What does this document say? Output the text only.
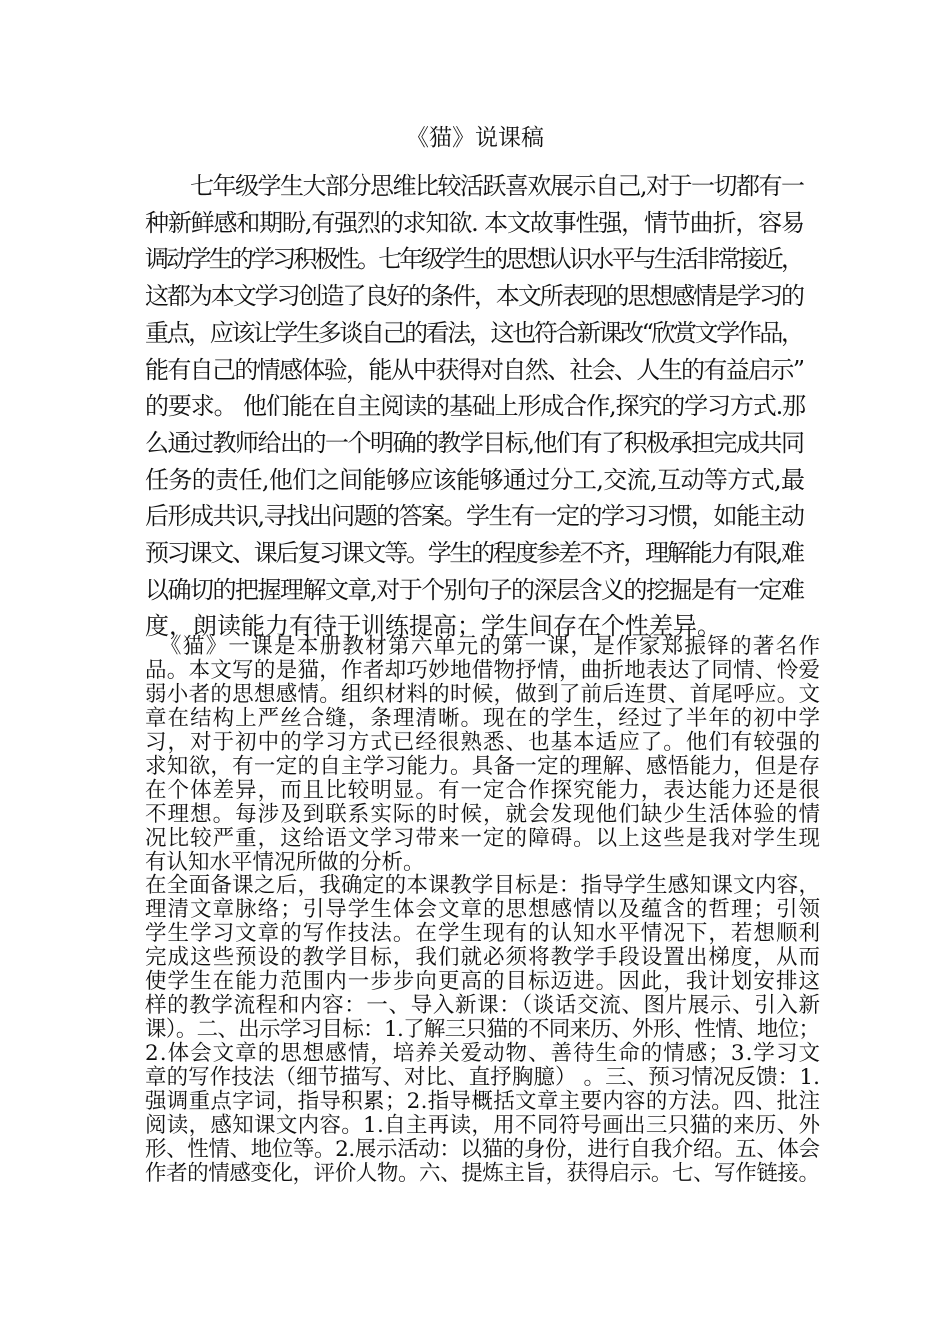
《猫》说课稿
七年级学生大部分思维比较活跃喜欢展示自己,对于一切都有一
种新鲜感和期盼,有强烈的求知欲. 本文故事性强，情节曲折，容易
调动学生的学习积极性。七年级学生的思想认识水平与生活非常接近，
这都为本文学习创造了良好的条件，本文所表现的思想感情是学习的
重点，应该让学生多谈自己的看法，这也符合新课改“欣赏文学作品，
能有自己的情感体验，能从中获得对自然、社会、人生的有益启示”
的要求。 他们能在自主阅读的基础上形成合作,探究的学习方式.那
么通过教师给出的一个明确的教学目标,他们有了积极承担完成共同
任务的责任,他们之间能够应该能够通过分工,交流,互动等方式,最
后形成共识,寻找出问题的答案。学生有一定的学习习惯，如能主动
预习课文、课后复习课文等。学生的程度参差不齐，理解能力有限,难
以确切的把握理解文章,对于个别句子的深层含义的挖掘是有一定难
度，朗读能力有待于训练提高；学生间存在个性差异。
《猫》一课是本册教材第六单元的第一课，是作家郑振铎的著名作
品。本文写的是猫，作者却巧妙地借物抒情，曲折地表达了同情、怜爱
弱小者的思想感情。组织材料的时候，做到了前后连贯、首尾呼应。文
章在结构上严丝合缝，条理清晰。现在的学生，经过了半年的初中学
习，对于初中的学习方式已经很熟悉、也基本适应了。他们有较强的
求知欲，有一定的自主学习能力。具备一定的理解、感悟能力，但是存
在个体差异，而且比较明显。有一定合作探究能力，表达能力还是很
不理想。每涉及到联系实际的时候，就会发现他们缺少生活体验的情
况比较严重，这给语文学习带来一定的障碍。以上这些是我对学生现
有认知水平情况所做的分析。
在全面备课之后，我确定的本课教学目标是：指导学生感知课文内容，
理清文章脉络；引导学生体会文章的思想感情以及蕴含的哲理；引领
学生学习文章的写作技法。在学生现有的认知水平情况下，若想顺利
完成这些预设的教学目标，我们就必须将教学手段设置出梯度，从而
使学生在能力范围内一步步向更高的目标迈进。因此，我计划安排这
样的教学流程和内容：一、导入新课：（谈话交流、图片展示、引入新
课）。二、出示学习目标：1.了解三只猫的不同来历、外形、性情、地位；
2.体会文章的思想感情，培养关爱动物、善待生命的情感；3.学习文
章的写作技法（细节描写、对比、直抒胸臆） 。三、预习情况反馈：1.
强调重点字词，指导积累；2.指导概括文章主要内容的方法。四、批注
阅读，感知课文内容。1.自主再读，用不同符号画出三只猫的来历、外
形、性情、地位等。2.展示活动：以猫的身份，进行自我介绍。五、体会
作者的情感变化，评价人物。六、提炼主旨，获得启示。七、写作链接。
